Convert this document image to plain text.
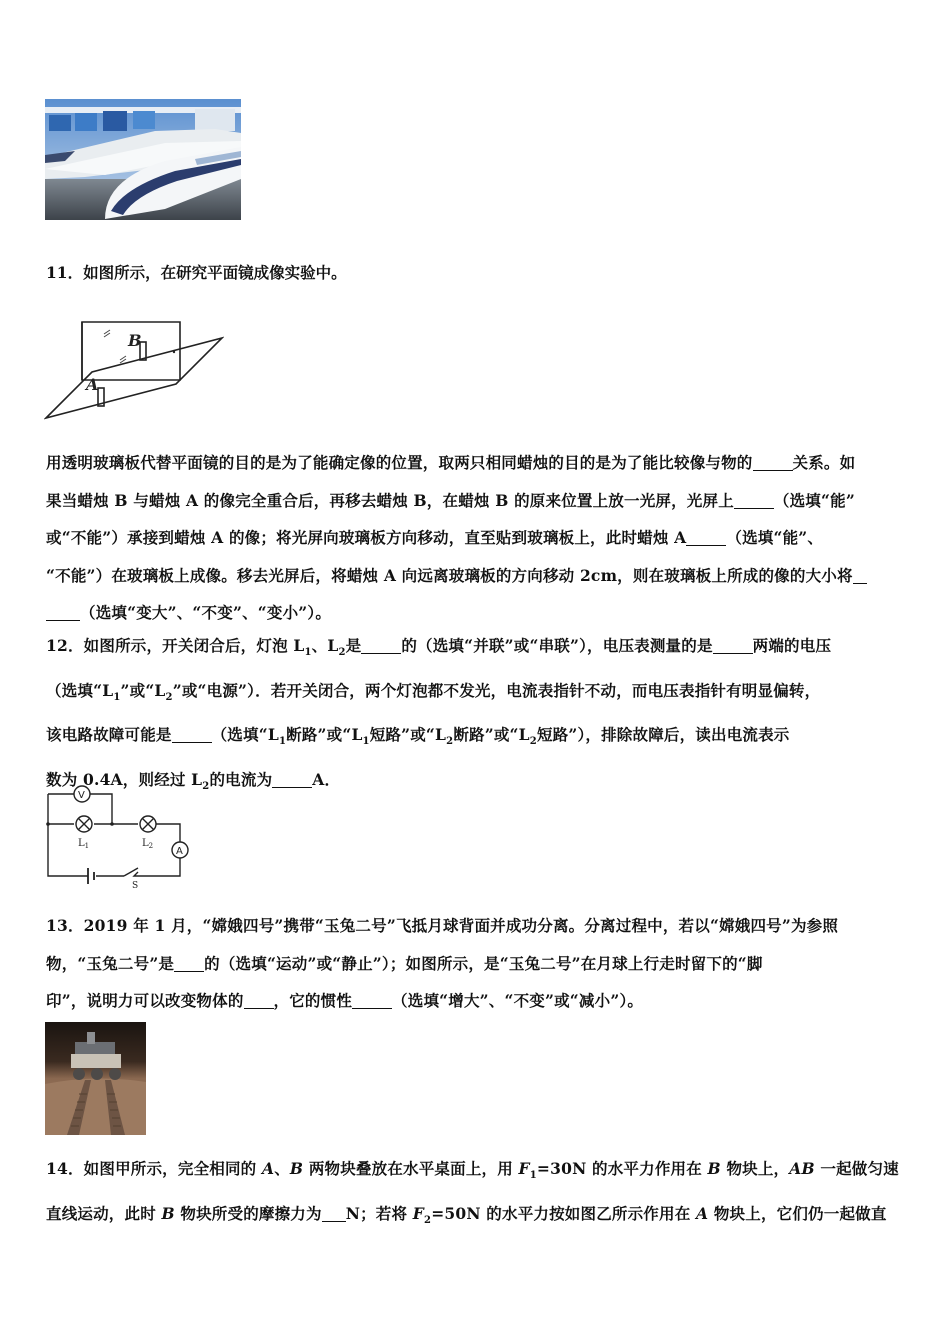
11．如图所示，在研究平面镜成像实验中。
A
B
用透明玻璃板代替平面镜的目的是为了能确定像的位置，取两只相同蜡烛的目的是为了能比较像与物的	关系。如
果当蜡烛 B 与蜡烛 A 的像完全重合后，再移去蜡烛 B，在蜡烛 B 的原来位置上放一光屏，光屏上	（选填“能”
或“不能”）承接到蜡烛 A 的像；将光屏向玻璃板方向移动，直至贴到玻璃板上，此时蜡烛 A	（选填“能”、
“不能”）在玻璃板上成像。移去光屏后，将蜡烛 A 向远离玻璃板的方向移动 2cm，则在玻璃板上所成的像的大小将
（选填“变大”、“不变”、“变小”）。
12．如图所示，开关闭合后，灯泡 $L_1$、$L_2$是	的（选填“并联”或“串联”），电压表测量的是	两端的电压
（选填“$L_1$”或“$L_2$”或“电源”）．若开关闭合，两个灯泡都不发光，电流表指针不动，而电压表指针有明显偏转，
该电路故障可能是	（选填“$L_1$断路”或“$L_1$短路”或“$L_2$断路”或“$L_2$短路”），排除故障后，读出电流表示
数为 0.4A，则经过 $L_2$的电流为	A．
V
A
$L_1$	$L_2$
S
13．2019 年 1 月，“嫦娥四号”携带“玉兔二号”飞抵月球背面并成功分离。分离过程中，若以“嫦娥四号”为参照
物，“玉兔二号”是 的（选填“运动”或“静止”）；如图所示，是“玉兔二号”在月球上行走时留下的“脚
印”，说明力可以改变物体的 ，它的惯性	（选填“增大”、“不变”或“减小”）。
14．如图甲所示，完全相同的 A、B 两物块叠放在水平桌面上，用 $F_1=30N$ 的水平力作用在 B 物块上，AB 一起做匀速
直线运动，此时 B 物块所受的摩擦力为 N；若将 $F_2=50N$ 的水平力按如图乙所示作用在 A 物块上，它们仍一起做直
